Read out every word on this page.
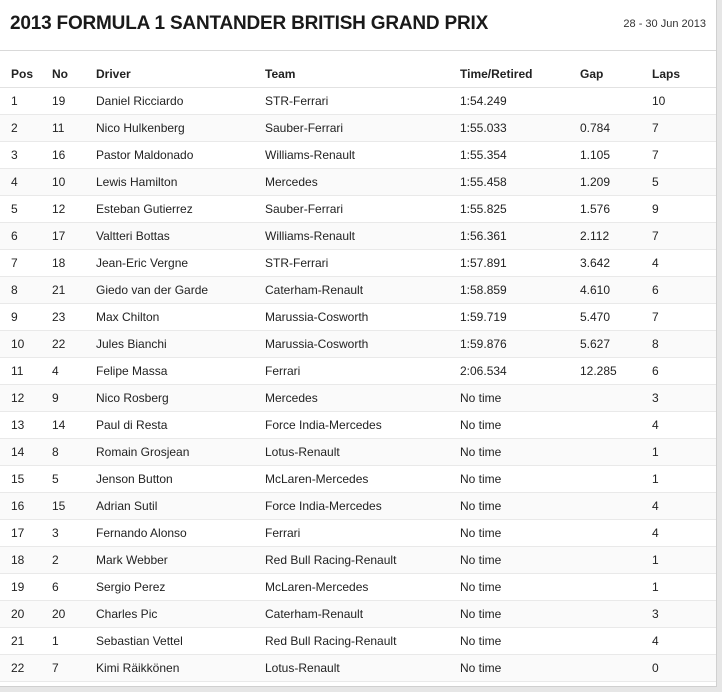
2013 FORMULA 1 SANTANDER BRITISH GRAND PRIX	28 - 30 Jun 2013
Pos	No	Driver	Team	Time/Retired	Gap	Laps
1	19	Daniel Ricciardo	STR-Ferrari	1:54.249		10
2	11	Nico Hulkenberg	Sauber-Ferrari	1:55.033	0.784	7
3	16	Pastor Maldonado	Williams-Renault	1:55.354	1.105	7
4	10	Lewis Hamilton	Mercedes	1:55.458	1.209	5
5	12	Esteban Gutierrez	Sauber-Ferrari	1:55.825	1.576	9
6	17	Valtteri Bottas	Williams-Renault	1:56.361	2.112	7
7	18	Jean-Eric Vergne	STR-Ferrari	1:57.891	3.642	4
8	21	Giedo van der Garde	Caterham-Renault	1:58.859	4.610	6
9	23	Max Chilton	Marussia-Cosworth	1:59.719	5.470	7
10	22	Jules Bianchi	Marussia-Cosworth	1:59.876	5.627	8
11	4	Felipe Massa	Ferrari	2:06.534	12.285	6
12	9	Nico Rosberg	Mercedes	No time		3
13	14	Paul di Resta	Force India-Mercedes	No time		4
14	8	Romain Grosjean	Lotus-Renault	No time		1
15	5	Jenson Button	McLaren-Mercedes	No time		1
16	15	Adrian Sutil	Force India-Mercedes	No time		4
17	3	Fernando Alonso	Ferrari	No time		4
18	2	Mark Webber	Red Bull Racing-Renault	No time		1
19	6	Sergio Perez	McLaren-Mercedes	No time		1
20	20	Charles Pic	Caterham-Renault	No time		3
21	1	Sebastian Vettel	Red Bull Racing-Renault	No time		4
22	7	Kimi Räikkönen	Lotus-Renault	No time		0
